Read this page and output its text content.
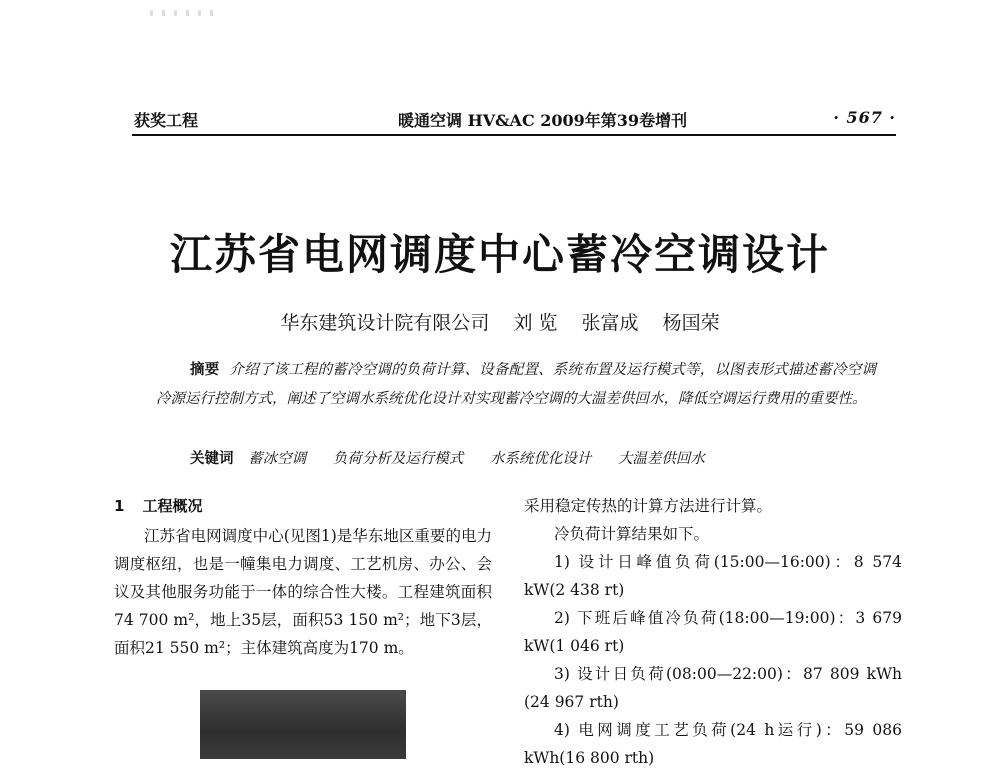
获奖工程	暖通空调 HV&AC 2009年第39卷增刊	· 567 ·
江苏省电网调度中心蓄冷空调设计
华东建筑设计院有限公司 刘 览 张富成 杨国荣
摘要 介绍了该工程的蓄冷空调的负荷计算、设备配置、系统布置及运行模式等，以图表形式描述蓄冷空调冷源运行控制方式，阐述了空调水系统优化设计对实现蓄冷空调的大温差供回水，降低空调运行费用的重要性。
关键词 蓄冰空调 负荷分析及运行模式 水系统优化设计 大温差供回水

1 工程概况

江苏省电网调度中心(见图1)是华东地区重要的电力调度枢纽，也是一幢集电力调度、工艺机房、办公、会议及其他服务功能于一体的综合性大楼。工程建筑面积74 700 m²，地上35层，面积53 150 m²；地下3层，面积21 550 m²；主体建筑高度为170 m。

采用稳定传热的计算方法进行计算。

冷负荷计算结果如下。

1) 设计日峰值负荷(15:00—16:00)：8 574 kW(2 438 rt)

2) 下班后峰值冷负荷(18:00—19:00)：3 679 kW(1 046 rt)

3) 设计日负荷(08:00—22:00)：87 809 kWh (24 967 rth)

4) 电网调度工艺负荷(24 h运行)：59 086 kWh(16 800 rth)
